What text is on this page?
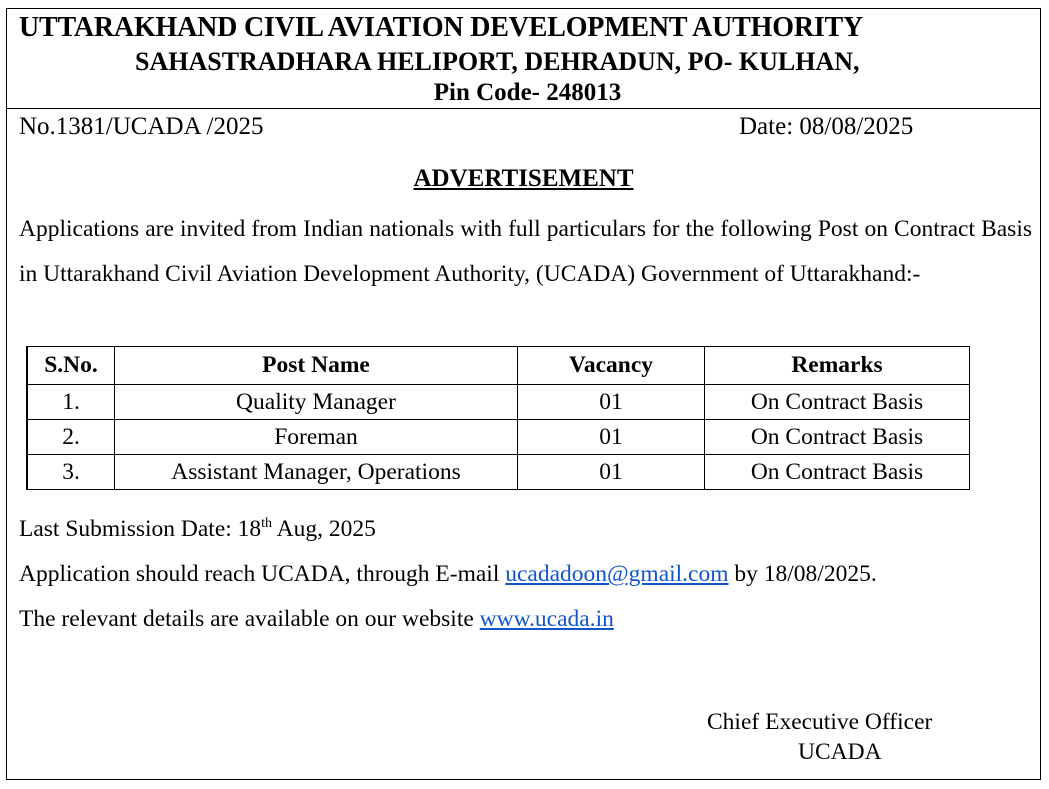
UTTARAKHAND CIVIL AVIATION DEVELOPMENT AUTHORITY
SAHASTRADHARA HELIPORT, DEHRADUN, PO- KULHAN,
Pin Code- 248013
No.1381/UCADA /2025	Date: 08/08/2025
ADVERTISEMENT

Applications are invited from Indian nationals with full particulars for the following Post on Contract Basis in Uttarakhand Civil Aviation Development Authority, (UCADA) Government of Uttarakhand:-

S.No.	Post Name	Vacancy	Remarks
1.	Quality Manager	01	On Contract Basis
2.	Foreman	01	On Contract Basis
3.	Assistant Manager, Operations	01	On Contract Basis
Last Submission Date: 18th Aug, 2025
Application should reach UCADA, through E-mail ucadadoon@gmail.com by 18/08/2025.
The relevant details are available on our website www.ucada.in
Chief Executive Officer
UCADA
